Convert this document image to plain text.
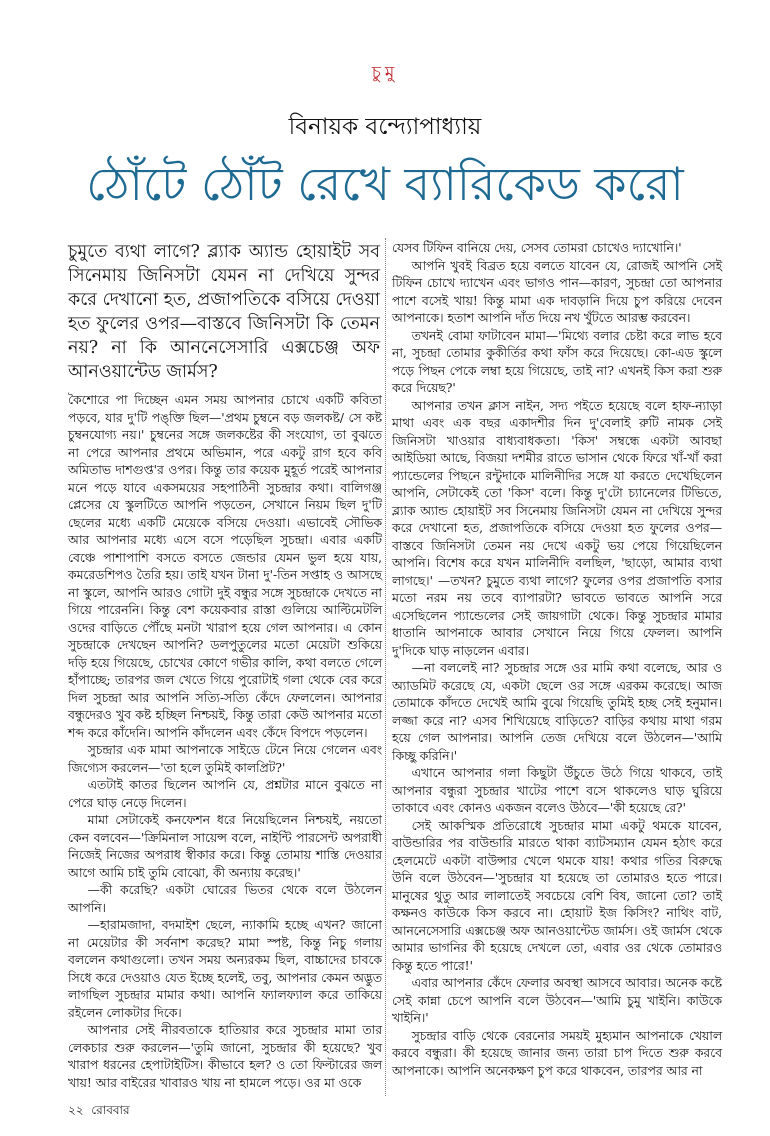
চুমু
বিনায়ক বন্দ্যোপাধ্যায়
ঠোঁটে ঠোঁট রেখে ব্যারিকেড করো
চুমুতে ব্যথা লাগে? ব্ল্যাক অ্যান্ড হোয়াইট সব সিনেমায় জিনিসটা যেমন না দেখিয়ে সুন্দর করে দেখানো হত, প্রজাপতিকে বসিয়ে দেওয়া হত ফুলের ওপর—বাস্তবে জিনিসটা কি তেমন নয়? না কি আননেসেসারি এক্সচেঞ্জ অফ আনওয়ান্টেড জার্মস?

কৈশোরে পা দিচ্ছেন এমন সময় আপনার চোখে একটি কবিতা পড়বে, যার দু'টি পঙ্‌ক্তি ছিল—'প্রথম চুম্বনে বড় জলকষ্ট/ সে কষ্ট চুম্বনযোগ্য নয়।' চুম্বনের সঙ্গে জলকষ্টের কী সংযোগ, তা বুঝতে না পেরে আপনার প্রথমে অভিমান, পরে একটু রাগ হবে কবি অমিতাভ দাশগুপ্ত'র ওপর। কিন্তু তার কয়েক মুহূর্ত পরেই আপনার মনে পড়ে যাবে একসময়ের সহপাঠিনী সুচন্দ্রার কথা। বালিগঞ্জ প্লেসের যে স্কুলটিতে আপনি পড়তেন, সেখানে নিয়ম ছিল দু'টি ছেলের মধ্যে একটি মেয়েকে বসিয়ে দেওয়া। এভাবেই সৌভিক আর আপনার মধ্যে এসে বসে পড়েছিল সুচন্দ্রা। এবার একটি বেঞ্চে পাশাপাশি বসতে বসতে জেন্ডার যেমন ভুল হয়ে যায়, কমরেডশিপও তৈরি হয়। তাই যখন টানা দু'-তিন সপ্তাহ ও আসছে না স্কুলে, আপনি আরও গোটা দুই বন্ধুর সঙ্গে সুচন্দ্রাকে দেখতে না গিয়ে পারেননি। কিন্তু বেশ কয়েকবার রাস্তা গুলিয়ে আল্টিমেটলি ওদের বাড়িতে পৌঁছে মনটা খারাপ হয়ে গেল আপনার। এ কোন সুচন্দ্রাকে দেখছেন আপনি? ডলপুতুলের মতো মেয়েটা শুকিয়ে দড়ি হয়ে গিয়েছে, চোখের কোণে গভীর কালি, কথা বলতে গেলে হাঁপাচ্ছে; তারপর জল খেতে গিয়ে পুরোটাই গলা থেকে বের করে দিল সুচন্দ্রা আর আপনি সত্যি-সত্যি কেঁদে ফেললেন। আপনার বন্ধুদেরও খুব কষ্ট হচ্ছিল নিশ্চয়ই, কিন্তু তারা কেউ আপনার মতো শব্দ করে কাঁদেনি। আপনি কাঁদলেন এবং কেঁদে বিপদে পড়লেন।

সুচন্দ্রার এক মামা আপনাকে সাইডে টেনে নিয়ে গেলেন এবং জিগ্যেস করলেন—'তা হলে তুমিই কালপ্রিট?'

এতটাই কাতর ছিলেন আপনি যে, প্রশ্নটার মানে বুঝতে না পেরে ঘাড় নেড়ে দিলেন।

মামা সেটাকেই কনফেশন ধরে নিয়েছিলেন নিশ্চয়ই, নয়তো কেন বলবেন—'ক্রিমিনাল সায়েন্স বলে, নাইন্টি পারসেন্ট অপরাধী নিজেই নিজের অপরাধ স্বীকার করে। কিন্তু তোমায় শাস্তি দেওয়ার আগে আমি চাই তুমি বোঝো, কী অন্যায় করেছ।'

—কী করেছি? একটা ঘোরের ভিতর থেকে বলে উঠলেন আপনি।

—হারামজাদা, বদমাইশ ছেলে, ন্যাকামি হচ্ছে এখন? জানো না মেয়েটার কী সর্বনাশ করেছ? মামা স্পষ্ট, কিন্তু নিচু গলায় বললেন কথাগুলো। তখন সময় অন্যরকম ছিল, বাচ্চাদের চাবকে সিধে করে দেওয়াও যেত ইচ্ছে হলেই, তবু, আপনার কেমন অদ্ভুত লাগছিল সুচন্দ্রার মামার কথা। আপনি ফ্যালফ্যাল করে তাকিয়ে রইলেন লোকটার দিকে।

আপনার সেই নীরবতাকে হাতিয়ার করে সুচন্দ্রার মামা তার লেকচার শুরু করলেন—'তুমি জানো, সুচন্দ্রার কী হয়েছে? খুব খারাপ ধরনের হেপাটাইটিস। কীভাবে হল? ও তো ফিল্টারের জল খায়! আর বাইরের খাবারও খায় না হামলে পড়ে। ওর মা ওকে

যেসব টিফিন বানিয়ে দেয়, সেসব তোমরা চোখেও দ্যাখোনি।'

আপনি খুবই বিব্রত হয়ে বলতে যাবেন যে, রোজই আপনি সেই টিফিন চোখে দ্যাখেন এবং ভাগও পান—কারণ, সুচন্দ্রা তো আপনার পাশে বসেই খায়! কিন্তু মামা এক দাবড়ানি দিয়ে চুপ করিয়ে দেবেন আপনাকে। হতাশ আপনি দাঁত দিয়ে নখ খুঁটতে আরম্ভ করবেন।

তখনই বোমা ফাটাবেন মামা—'মিথ্যে বলার চেষ্টা করে লাভ হবে না, সুচন্দ্রা তোমার কুকীর্তির কথা ফাঁস করে দিয়েছে। কো-এড স্কুলে পড়ে পিছন পেকে লম্বা হয়ে গিয়েছে, তাই না? এখনই কিস করা শুরু করে দিয়েছ?'

আপনার তখন ক্লাস নাইন, সদ্য পইতে হয়েছে বলে হাফ-ন্যাড়া মাথা এবং এক বছর একাদশীর দিন দু'বেলাই রুটি নামক সেই জিনিসটা খাওয়ার বাধ্যবাধকতা। 'কিস' সম্বন্ধে একটা আবছা আইডিয়া আছে, বিজয়া দশমীর রাতে ভাসান থেকে ফিরে খাঁ-খাঁ করা প্যান্ডেলের পিছনে রন্টুদাকে মালিনীদির সঙ্গে যা করতে দেখেছিলেন আপনি, সেটাকেই তো 'কিস' বলে। কিন্তু দু'টো চ্যানেলের টিভিতে, ব্ল্যাক অ্যান্ড হোয়াইট সব সিনেমায় জিনিসটা যেমন না দেখিয়ে সুন্দর করে দেখানো হত, প্রজাপতিকে বসিয়ে দেওয়া হত ফুলের ওপর—বাস্তবে জিনিসটা তেমন নয় দেখে একটু ভয় পেয়ে গিয়েছিলেন আপনি। বিশেষ করে যখন মালিনীদি বলছিল, 'ছাড়ো, আমার ব্যথা লাগছে।' —তখন? চুমুতে ব্যথা লাগে? ফুলের ওপর প্রজাপতি বসার মতো নরম নয় তবে ব্যাপারটা? ভাবতে ভাবতে আপনি সরে এসেছিলেন প্যান্ডেলের সেই জায়গাটা থেকে। কিন্তু সুচন্দ্রার মামার ধাতানি আপনাকে আবার সেখানে নিয়ে গিয়ে ফেলল। আপনি দু'দিকে ঘাড় নাড়লেন এবার।

—না বললেই না? সুচন্দ্রার সঙ্গে ওর মামি কথা বলেছে, আর ও অ্যাডমিট করেছে যে, একটা ছেলে ওর সঙ্গে এরকম করেছে। আজ তোমাকে কাঁদতে দেখেই আমি বুঝে গিয়েছি তুমিই হচ্ছ সেই হনুমান। লজ্জা করে না? এসব শিখিয়েছে বাড়িতে? বাড়ির কথায় মাথা গরম হয়ে গেল আপনার। আপনি তেজ দেখিয়ে বলে উঠলেন—'আমি কিচ্ছু করিনি।'

এখানে আপনার গলা কিছুটা উঁচুতে উঠে গিয়ে থাকবে, তাই আপনার বন্ধুরা সুচন্দ্রার খাটের পাশে বসে থাকলেও ঘাড় ঘুরিয়ে তাকাবে এবং কোনও একজন বলেও উঠবে—'কী হয়েছে রে?'

সেই আকস্মিক প্রতিরোধে সুচন্দ্রার মামা একটু থমকে যাবেন, বাউন্ডারির পর বাউন্ডারি মারতে থাকা ব্যাটসম্যান যেমন হঠাৎ করে হেলমেটে একটা বাউন্সার খেলে থমকে যায়! কথার গতির বিরুদ্ধে উনি বলে উঠবেন—'সুচন্দ্রার যা হয়েছে তা তোমারও হতে পারে। মানুষের থুতু আর লালাতেই সবচেয়ে বেশি বিষ, জানো তো? তাই কক্ষনও কাউকে কিস করবে না। হোয়াট ইজ কিসিং? নাথিং বাট, আননেসেসারি এক্সচেঞ্জ অফ আনওয়ান্টেড জার্মস। ওই জার্মস থেকে আমার ভাগনির কী হয়েছে দেখলে তো, এবার ওর থেকে তোমারও কিন্তু হতে পারে!'

এবার আপনার কেঁদে ফেলার অবস্থা আসবে আবার। অনেক কষ্টে সেই কান্না চেপে আপনি বলে উঠবেন—'আমি চুমু খাইনি। কাউকে খাইনি।'

সুচন্দ্রার বাড়ি থেকে বেরনোর সময়ই মুহ্যমান আপনাকে খেয়াল করবে বন্ধুরা। কী হয়েছে জানার জন্য তারা চাপ দিতে শুরু করবে আপনাকে। আপনি অনেকক্ষণ চুপ করে থাকবেন, তারপর আর না

২২ রোববার
